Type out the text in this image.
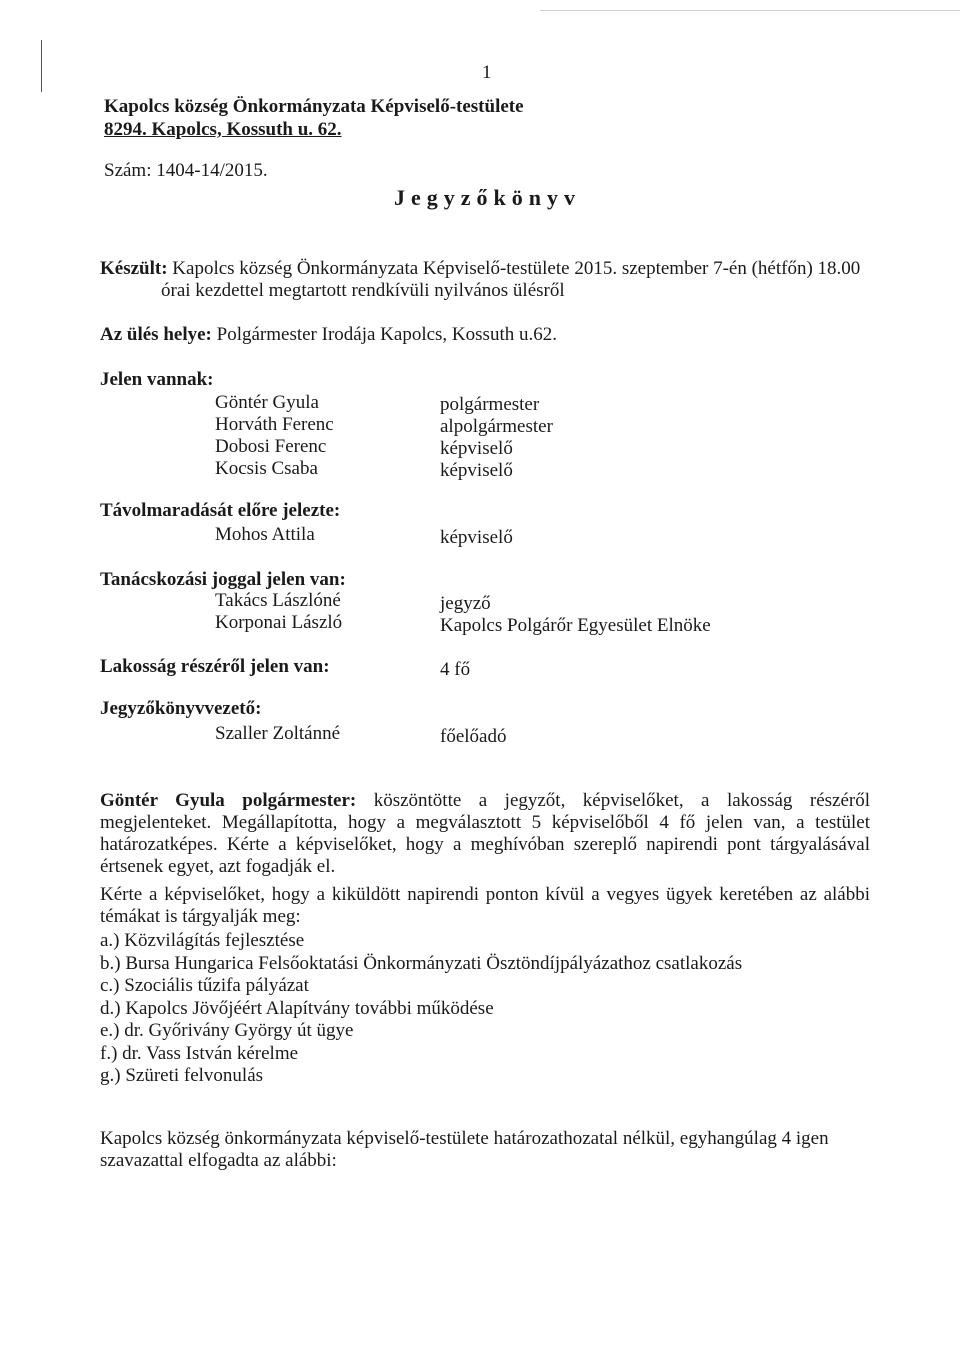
1
Kapolcs község Önkormányzata Képviselő-testülete
8294. Kapolcs, Kossuth u. 62.
Szám: 1404-14/2015.
Jegyzőkönyv
Készült: Kapolcs község Önkormányzata Képviselő-testülete 2015. szeptember 7-én (hétfőn) 18.00
órai kezdettel megtartott rendkívüli nyilvános ülésről
Az ülés helye: Polgármester Irodája Kapolcs, Kossuth u.62.
Jelen vannak:
Göntér Gyula	polgármester
Horváth Ferenc	alpolgármester
Dobosi Ferenc	képviselő
Kocsis Csaba	képviselő
Távolmaradását előre jelezte:
Mohos Attila	képviselő
Tanácskozási joggal jelen van:
Takács Lászlóné	jegyző
Korponai László	Kapolcs Polgárőr Egyesület Elnöke
Lakosság részéről jelen van:	4 fő
Jegyzőkönyvvezető:
Szaller Zoltánné	főelőadó

Göntér Gyula polgármester: köszöntötte a jegyzőt, képviselőket, a lakosság részéről megjelenteket. Megállapította, hogy a megválasztott 5 képviselőből 4 fő jelen van, a testület határozatképes. Kérte a képviselőket, hogy a meghívóban szereplő napirendi pont tárgyalásával értsenek egyet, azt fogadják el.

Kérte a képviselőket, hogy a kiküldött napirendi ponton kívül a vegyes ügyek keretében az alábbi témákat is tárgyalják meg:
a.) Közvilágítás fejlesztése
b.) Bursa Hungarica Felsőoktatási Önkormányzati Ösztöndíjpályázathoz csatlakozás
c.) Szociális tűzifa pályázat
d.) Kapolcs Jövőjéért Alapítvány további működése
e.) dr. Győrivány György út ügye
f.) dr. Vass István kérelme
g.) Szüreti felvonulás
Kapolcs község önkormányzata képviselő-testülete határozathozatal nélkül, egyhangúlag 4 igen szavazattal elfogadta az alábbi:
